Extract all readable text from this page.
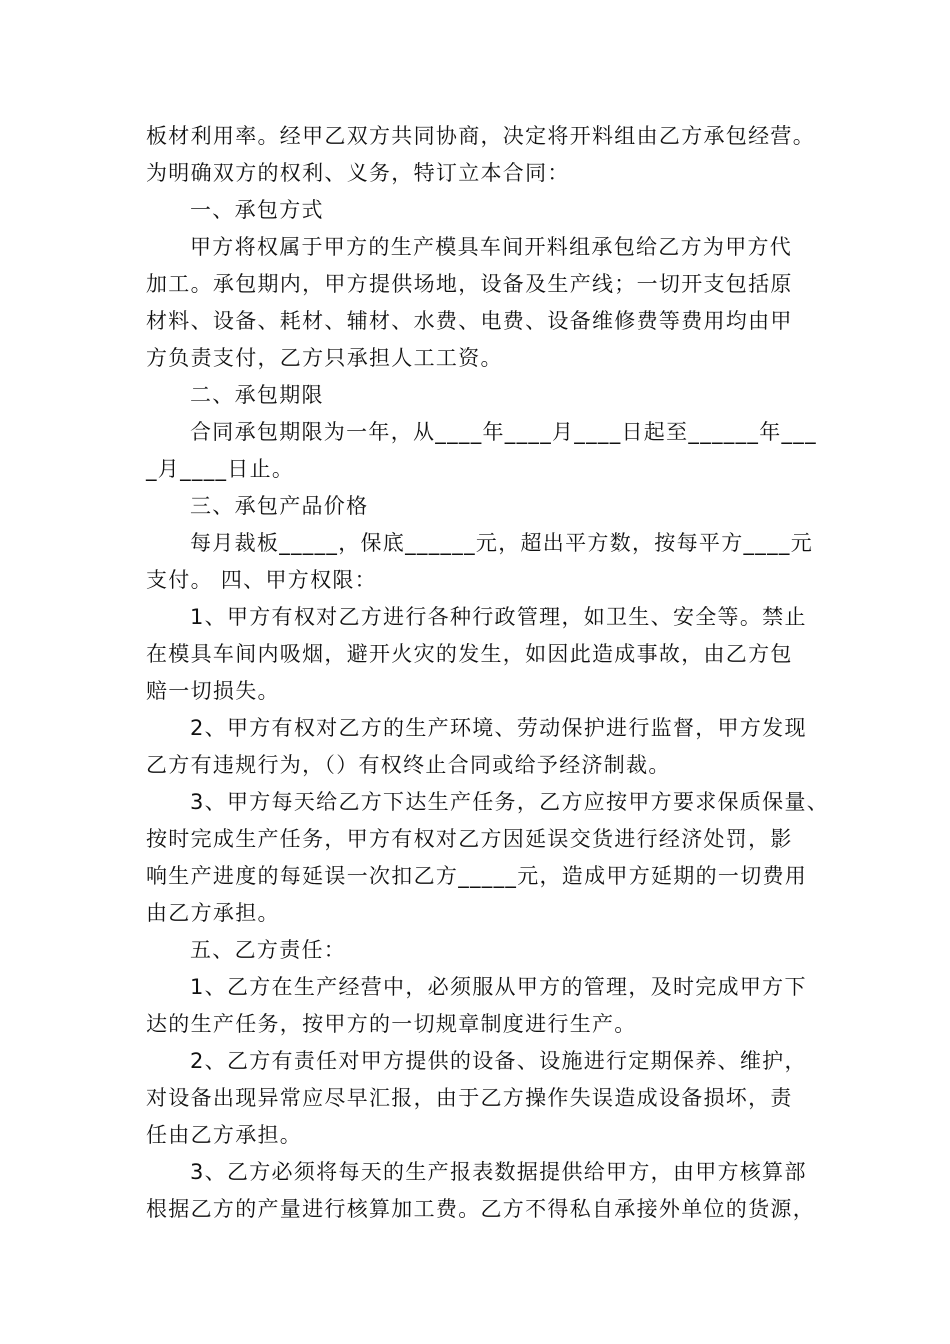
板材利用率。经甲乙双方共同协商，决定将开料组由乙方承包经营。
为明确双方的权利、义务，特订立本合同：
一、承包方式
甲方将权属于甲方的生产模具车间开料组承包给乙方为甲方代
加工。承包期内，甲方提供场地，设备及生产线；一切开支包括原
材料、设备、耗材、辅材、水费、电费、设备维修费等费用均由甲
方负责支付，乙方只承担人工工资。
二、承包期限
合同承包期限为一年，从____年____月____日起至______年___
_月____日止。
三、承包产品价格
每月裁板_____，保底______元，超出平方数，按每平方____元
支付。 四、甲方权限：
1、甲方有权对乙方进行各种行政管理，如卫生、安全等。禁止
在模具车间内吸烟，避开火灾的发生，如因此造成事故，由乙方包
赔一切损失。
2、甲方有权对乙方的生产环境、劳动保护进行监督，甲方发现
乙方有违规行为，（）有权终止合同或给予经济制裁。
3、甲方每天给乙方下达生产任务，乙方应按甲方要求保质保量、
按时完成生产任务，甲方有权对乙方因延误交货进行经济处罚，影
响生产进度的每延误一次扣乙方_____元，造成甲方延期的一切费用
由乙方承担。
五、乙方责任：
1、乙方在生产经营中，必须服从甲方的管理，及时完成甲方下
达的生产任务，按甲方的一切规章制度进行生产。
2、乙方有责任对甲方提供的设备、设施进行定期保养、维护，
对设备出现异常应尽早汇报，由于乙方操作失误造成设备损坏，责
任由乙方承担。
3、乙方必须将每天的生产报表数据提供给甲方，由甲方核算部
根据乙方的产量进行核算加工费。乙方不得私自承接外单位的货源，
